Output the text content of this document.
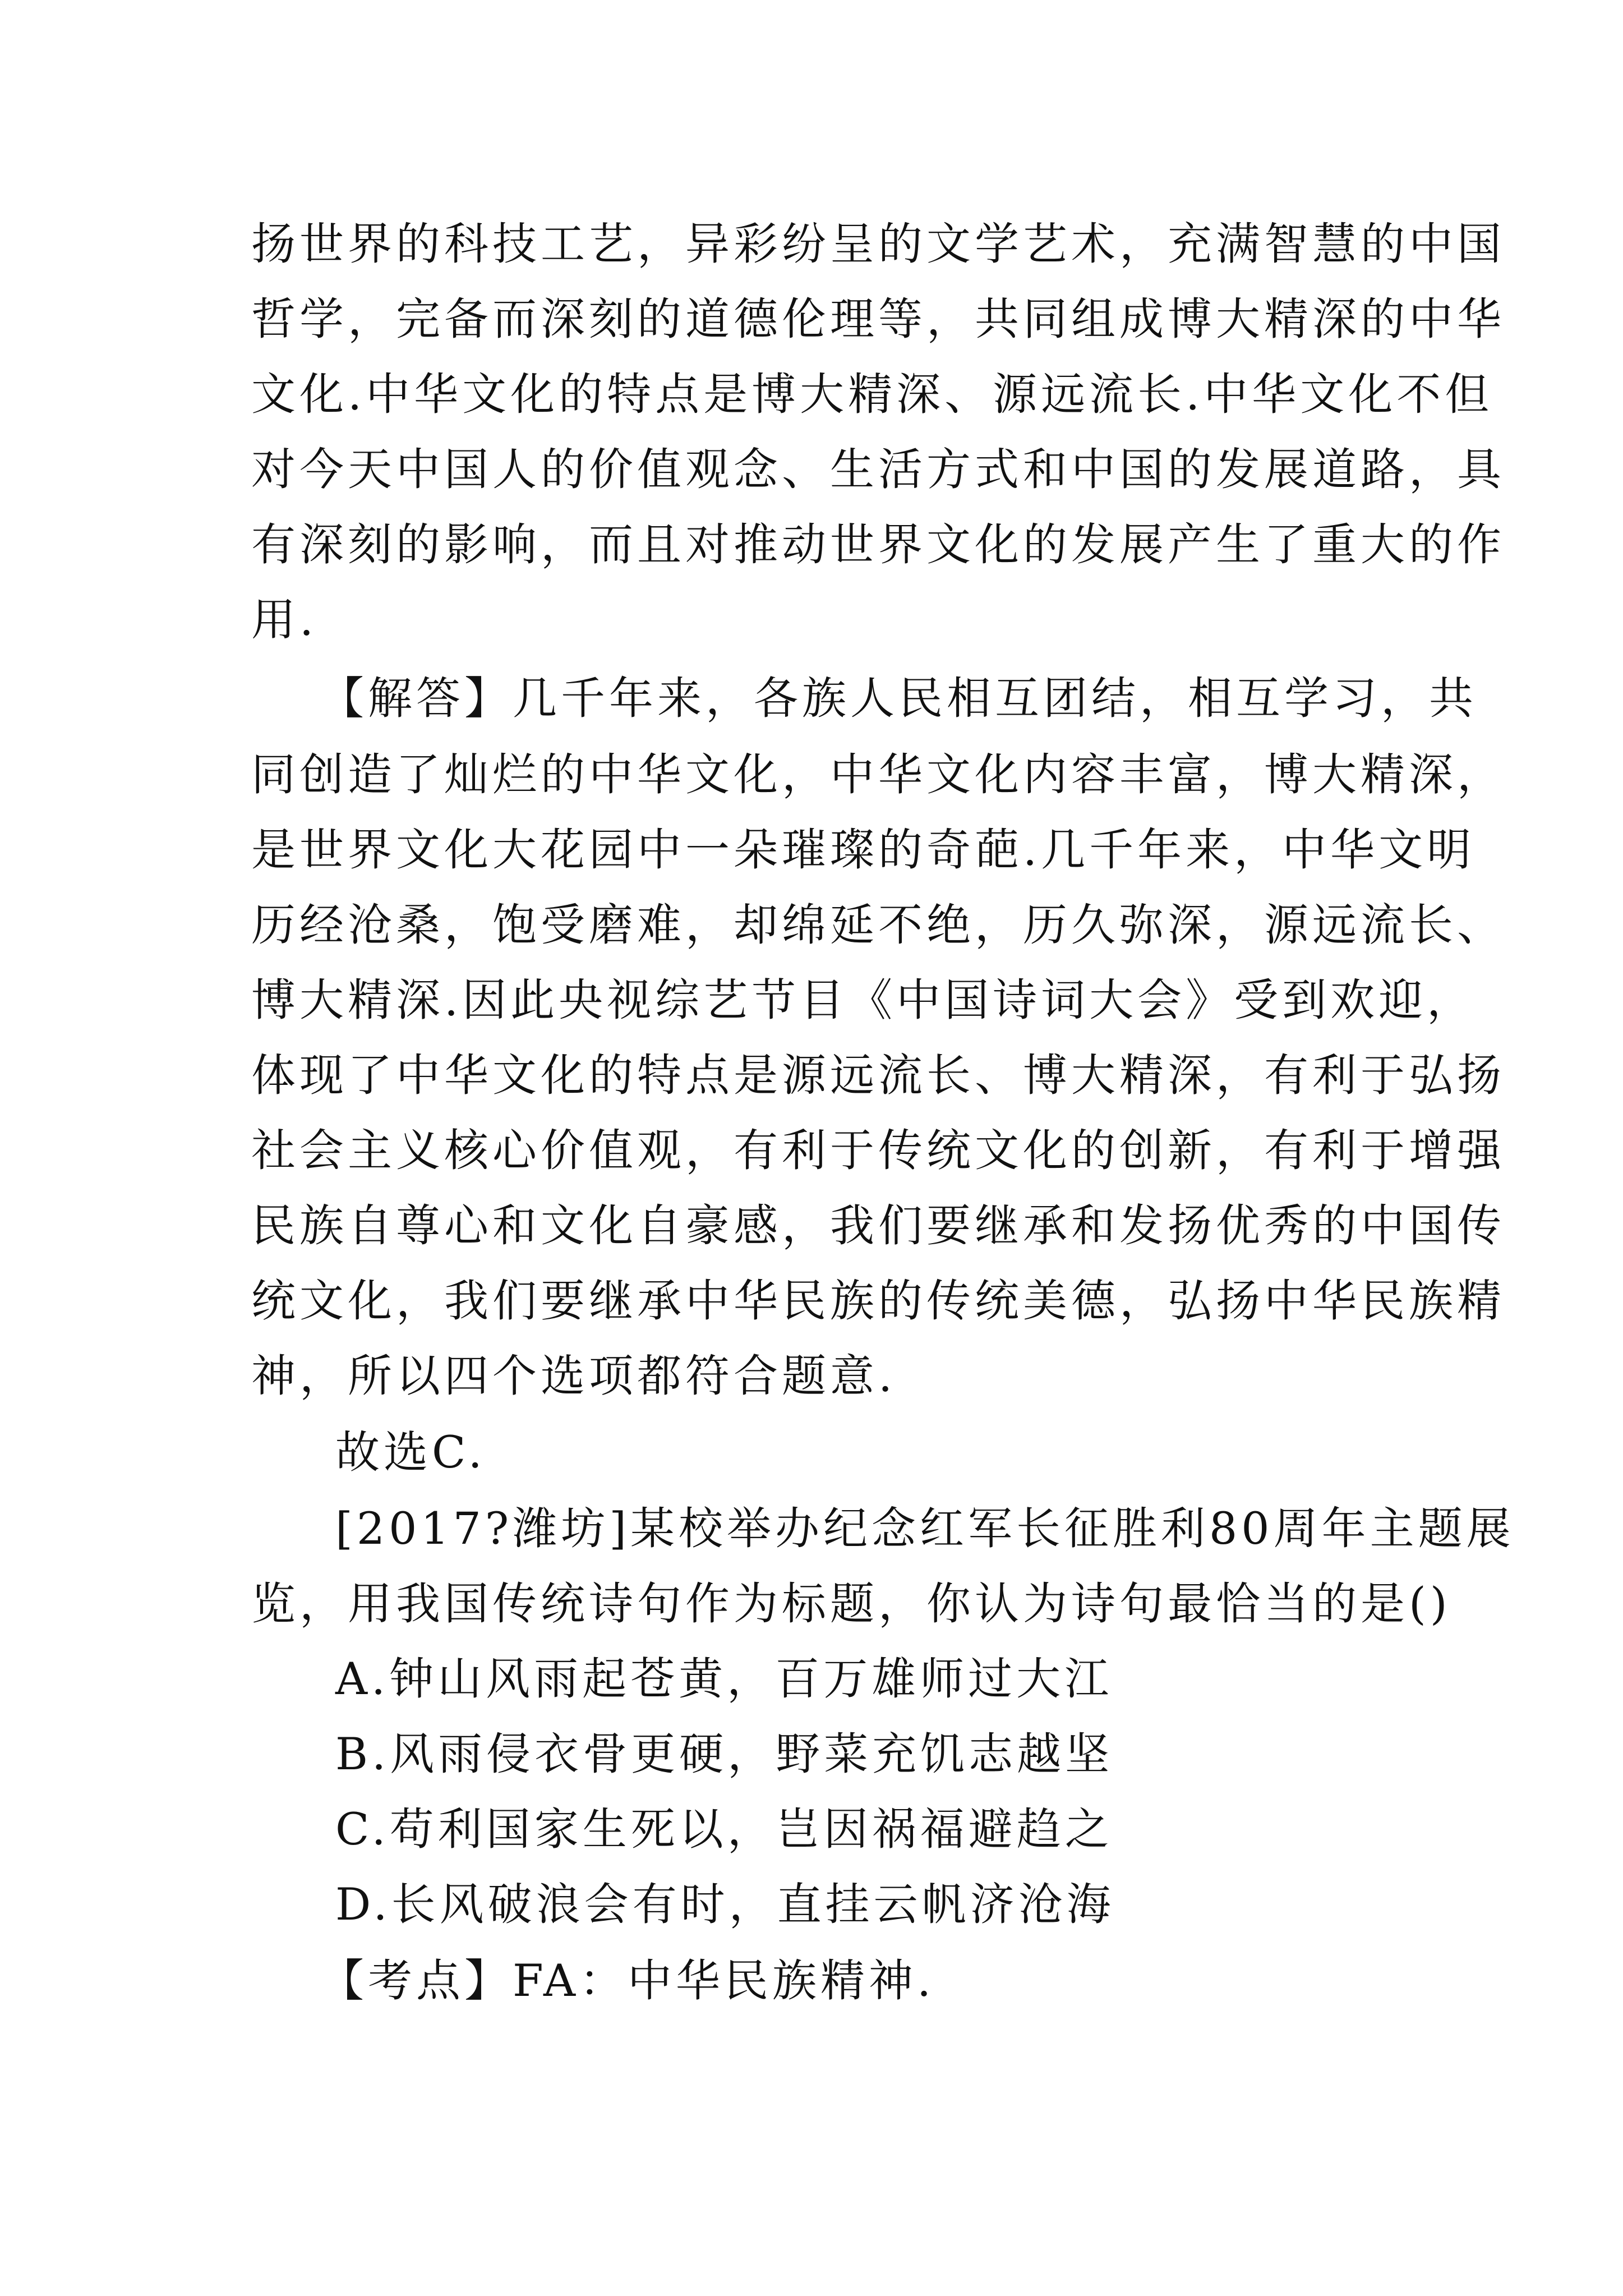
扬世界的科技工艺，异彩纷呈的文学艺术，充满智慧的中国

哲学，完备而深刻的道德伦理等，共同组成博大精深的中华

文化.中华文化的特点是博大精深、源远流长.中华文化不但

对今天中国人的价值观念、生活方式和中国的发展道路，具

有深刻的影响，而且对推动世界文化的发展产生了重大的作

用.

【解答】几千年来，各族人民相互团结，相互学习，共

同创造了灿烂的中华文化，中华文化内容丰富，博大精深，

是世界文化大花园中一朵璀璨的奇葩.几千年来，中华文明

历经沧桑，饱受磨难，却绵延不绝，历久弥深，源远流长、

博大精深.因此央视综艺节目《中国诗词大会》受到欢迎，

体现了中华文化的特点是源远流长、博大精深，有利于弘扬

社会主义核心价值观，有利于传统文化的创新，有利于增强

民族自尊心和文化自豪感，我们要继承和发扬优秀的中国传

统文化，我们要继承中华民族的传统美德，弘扬中华民族精

神，所以四个选项都符合题意.

故选C.

[2017?潍坊]某校举办纪念红军长征胜利80周年主题展

览，用我国传统诗句作为标题，你认为诗句最恰当的是()

A.钟山风雨起苍黄，百万雄师过大江

B.风雨侵衣骨更硬，野菜充饥志越坚

C.苟利国家生死以，岂因祸福避趋之

D.长风破浪会有时，直挂云帆济沧海

【考点】FA：中华民族精神.
